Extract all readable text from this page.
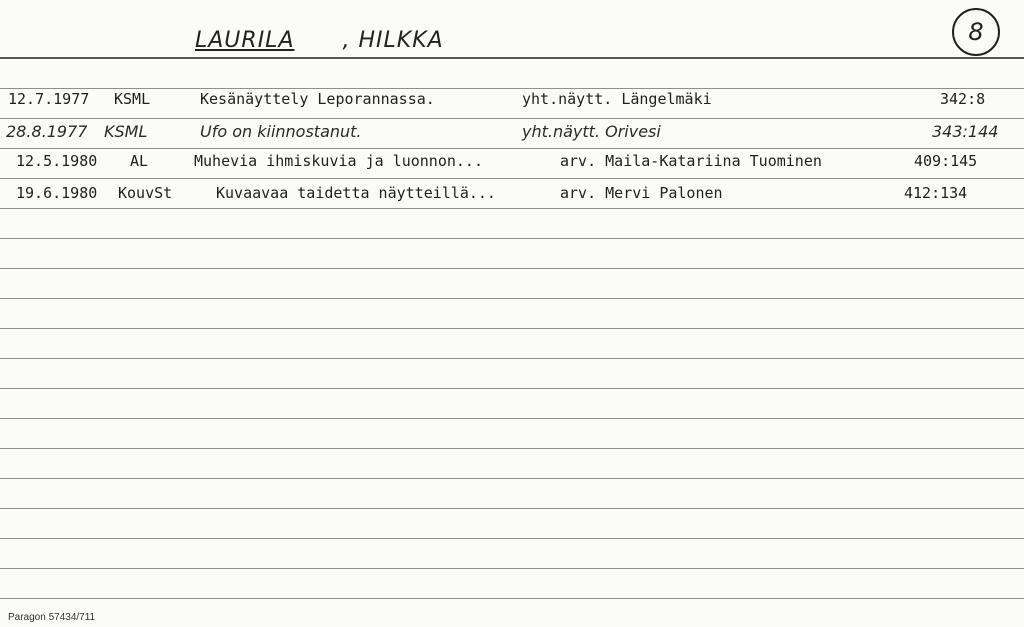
LAURILA , HILKKA	8
12.7.1977 KSML	Kesänäyttely Leporannassa.	yht.näytt. Längelmäki	342:8
28.8.1977 KSML	Ufo on kiinnostanut.	yht.näytt. Orivesi	343:144
12.5.1980 AL	Muhevia ihmiskuvia ja luonnon...	arv. Maila-Katariina Tuominen	409:145
19.6.1980 KouvSt	Kuvaavaa taidetta näytteillä...	arv. Mervi Palonen	412:134
Paragon 57434/711
